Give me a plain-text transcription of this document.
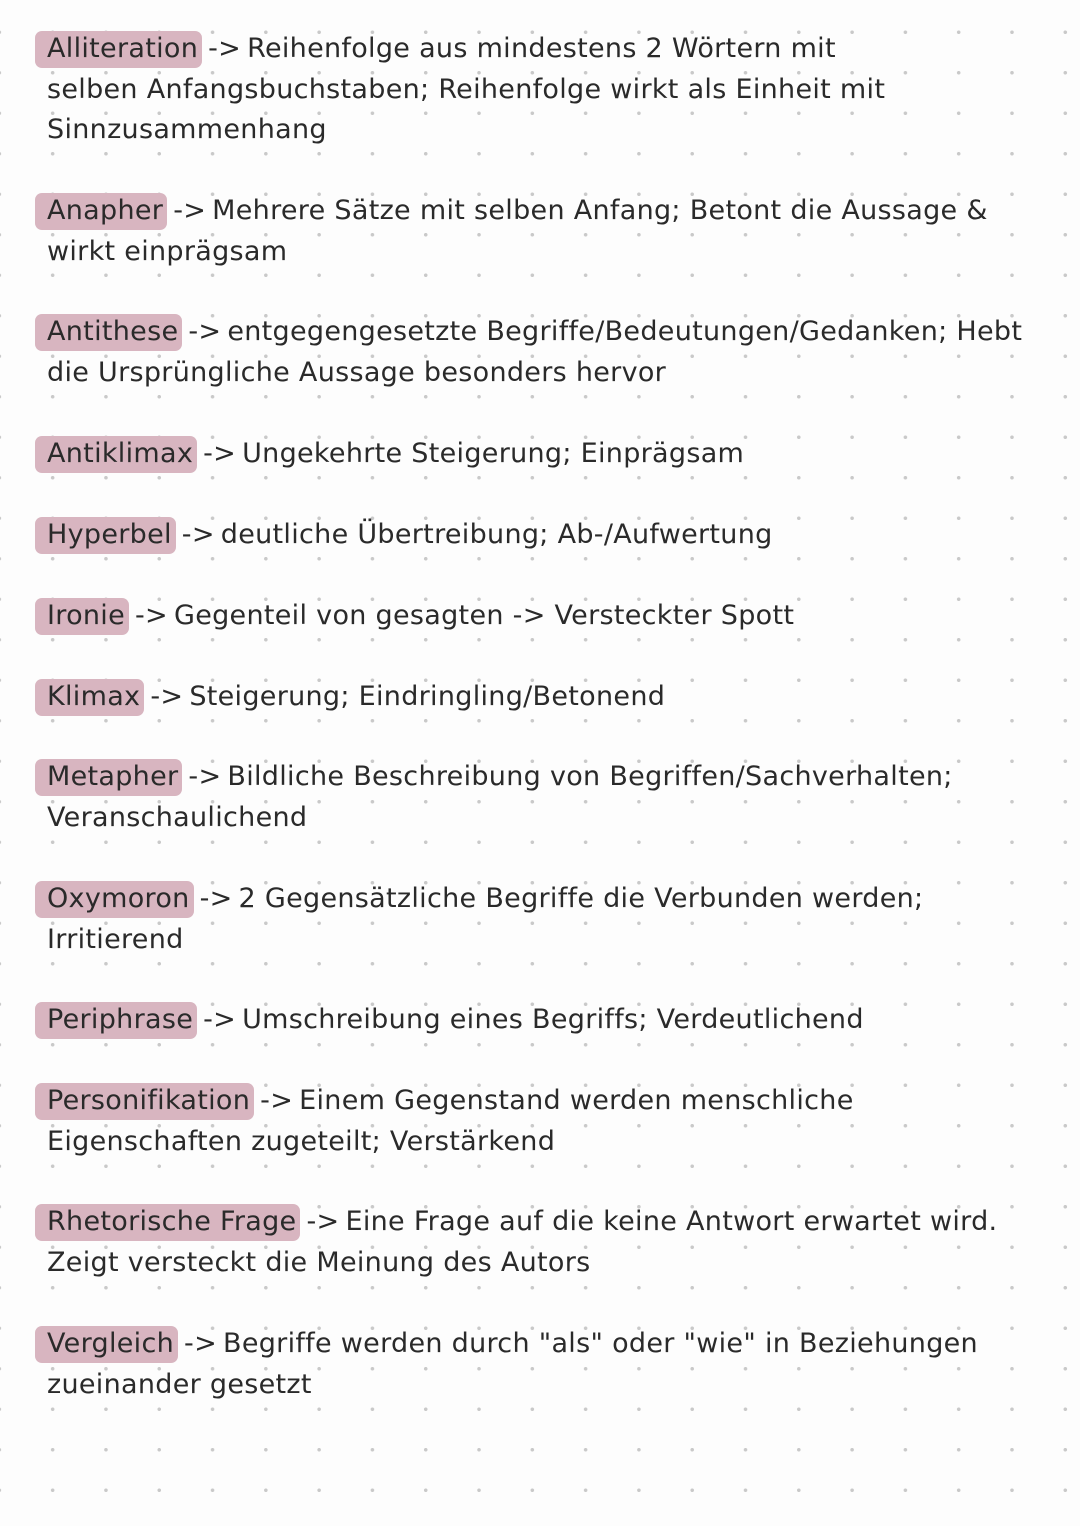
Alliteration -> Reihenfolge aus mindestens 2 Wörtern mit selben Anfangsbuchstaben; Reihenfolge wirkt als Einheit mit Sinnzusammenhang
Anapher -> Mehrere Sätze mit selben Anfang; Betont die Aussage & wirkt einprägsam
Antithese -> entgegengesetzte Begriffe/Bedeutungen/Gedanken; Hebt die Ursprüngliche Aussage besonders hervor
Antiklimax -> Ungekehrte Steigerung; Einprägsam
Hyperbel -> deutliche Übertreibung; Ab-/Aufwertung
Ironie -> Gegenteil von gesagten -> Versteckter Spott
Klimax -> Steigerung; Eindringling/Betonend
Metapher -> Bildliche Beschreibung von Begriffen/Sachverhalten; Veranschaulichend
Oxymoron -> 2 Gegensätzliche Begriffe die Verbunden werden; Irritierend
Periphrase -> Umschreibung eines Begriffs; Verdeutlichend
Personifikation -> Einem Gegenstand werden menschliche Eigenschaften zugeteilt; Verstärkend
Rhetorische Frage -> Eine Frage auf die keine Antwort erwartet wird. Zeigt versteckt die Meinung des Autors
Vergleich -> Begriffe werden durch "als" oder "wie" in Beziehungen zueinander gesetzt
